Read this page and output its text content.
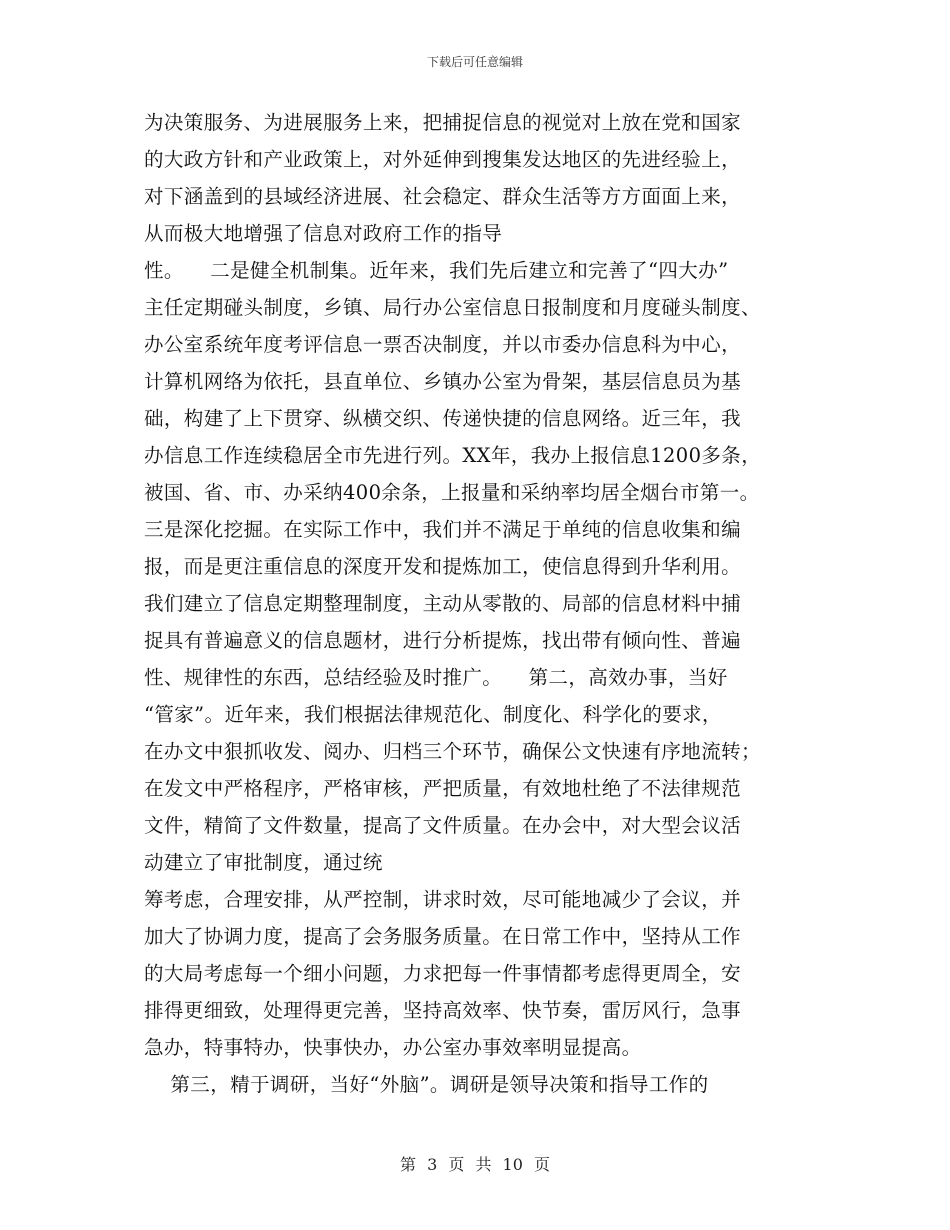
下载后可任意编辑
为决策服务、为进展服务上来，把捕捉信息的视觉对上放在党和国家
的大政方针和产业政策上，对外延伸到搜集发达地区的先进经验上，
对下涵盖到的县域经济进展、社会稳定、群众生活等方方面面上来，
从而极大地增强了信息对政府工作的指导
性。    二是健全机制集。近年来，我们先后建立和完善了“四大办”
主任定期碰头制度，乡镇、局行办公室信息日报制度和月度碰头制度、
办公室系统年度考评信息一票否决制度，并以市委办信息科为中心，
计算机网络为依托，县直单位、乡镇办公室为骨架，基层信息员为基
础，构建了上下贯穿、纵横交织、传递快捷的信息网络。近三年，我
办信息工作连续稳居全市先进行列。XX年，我办上报信息1200多条，
被国、省、市、办采纳400余条，上报量和采纳率均居全烟台市第一。
三是深化挖掘。在实际工作中，我们并不满足于单纯的信息收集和编
报，而是更注重信息的深度开发和提炼加工，使信息得到升华利用。
我们建立了信息定期整理制度，主动从零散的、局部的信息材料中捕
捉具有普遍意义的信息题材，进行分析提炼，找出带有倾向性、普遍
性、规律性的东西，总结经验及时推广。    第二，高效办事，当好
“管家”。近年来，我们根据法律规范化、制度化、科学化的要求，
在办文中狠抓收发、阅办、归档三个环节，确保公文快速有序地流转；
在发文中严格程序，严格审核，严把质量，有效地杜绝了不法律规范
文件，精简了文件数量，提高了文件质量。在办会中，对大型会议活
动建立了审批制度，通过统
筹考虑，合理安排，从严控制，讲求时效，尽可能地减少了会议，并
加大了协调力度，提高了会务服务质量。在日常工作中，坚持从工作
的大局考虑每一个细小问题，力求把每一件事情都考虑得更周全，安
排得更细致，处理得更完善，坚持高效率、快节奏，雷厉风行，急事
急办，特事特办，快事快办，办公室办事效率明显提高。
第三，精于调研，当好“外脑”。调研是领导决策和指导工作的
第 3 页 共 10 页
